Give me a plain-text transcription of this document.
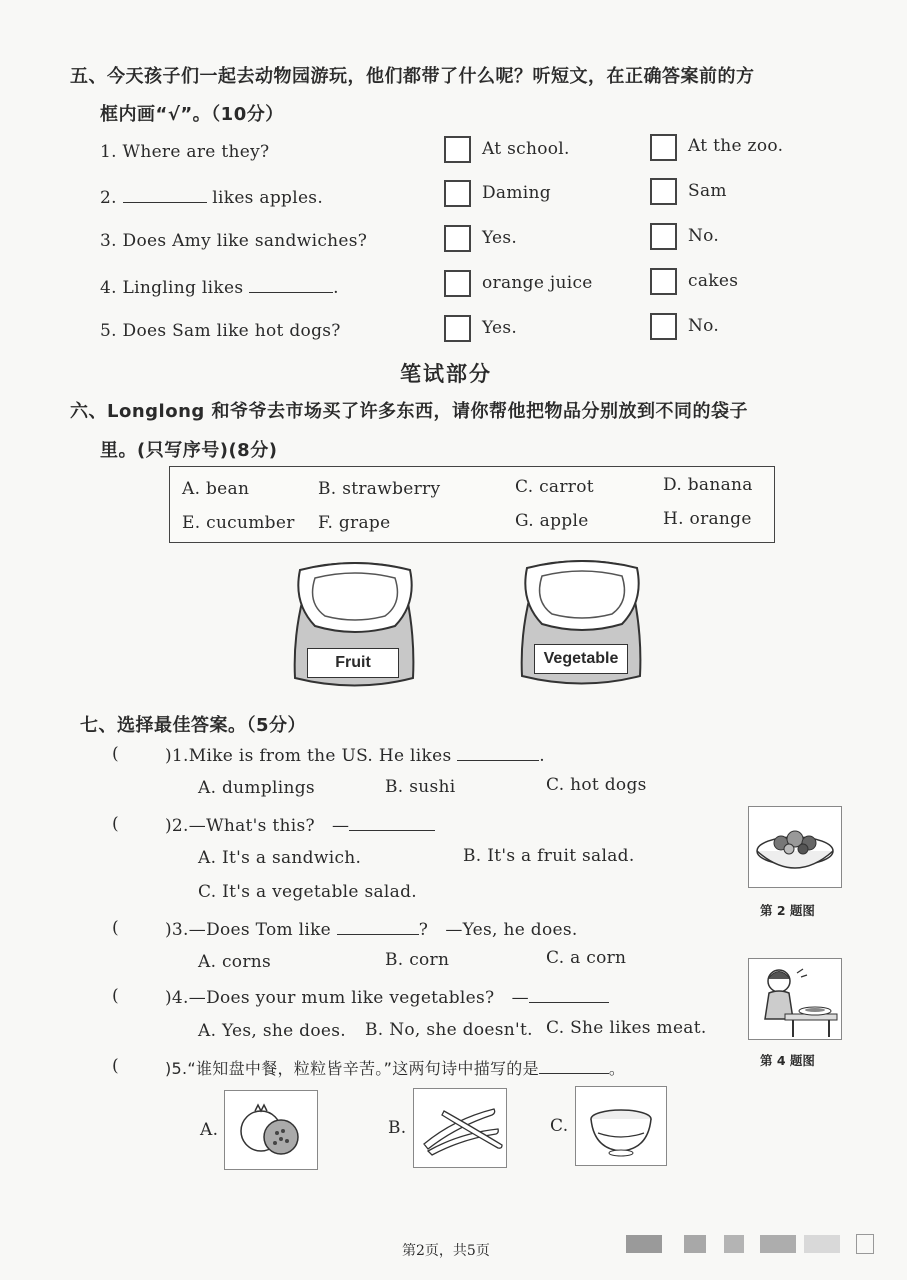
五、今天孩子们一起去动物园游玩，他们都带了什么呢？听短文，在正确答案前的方
框内画“√”。（10分）
1. Where are they?	At school.	At the zoo.
2.	likes apples.	Daming	Sam
3. Does Amy like sandwiches?	Yes.	No.
4. Lingling likes	.	orange juice	cakes
5. Does Sam like hot dogs?	Yes.	No.
笔试部分
六、Longlong 和爷爷去市场买了许多东西，请你帮他把物品分别放到不同的袋子
里。(只写序号)(8分)
A. bean	B. strawberry	C. carrot	D. banana
E. cucumber F. grape	G. apple	H. orange
Fruit	Vegetable
七、选择最佳答案。（5分）
(	)1.Mike is from the US. He likes	.
A. dumplings	B. sushi	C. hot dogs
(	)2.—What's this? —
A. It's a sandwich.	B. It's a fruit salad.
C. It's a vegetable salad.
第 2 题图
(	)3.—Does Tom like	? —Yes, he does.
A. corns	B. corn	C. a corn
第 4 题图
(	)4.—Does your mum like vegetables? —
A. Yes, she does. B. No, she doesn't. C. She likes meat.
(	)5.“谁知盘中餐，粒粒皆辛苦。”这两句诗中描写的是	。
A.	B.	C.
第2页，共5页
